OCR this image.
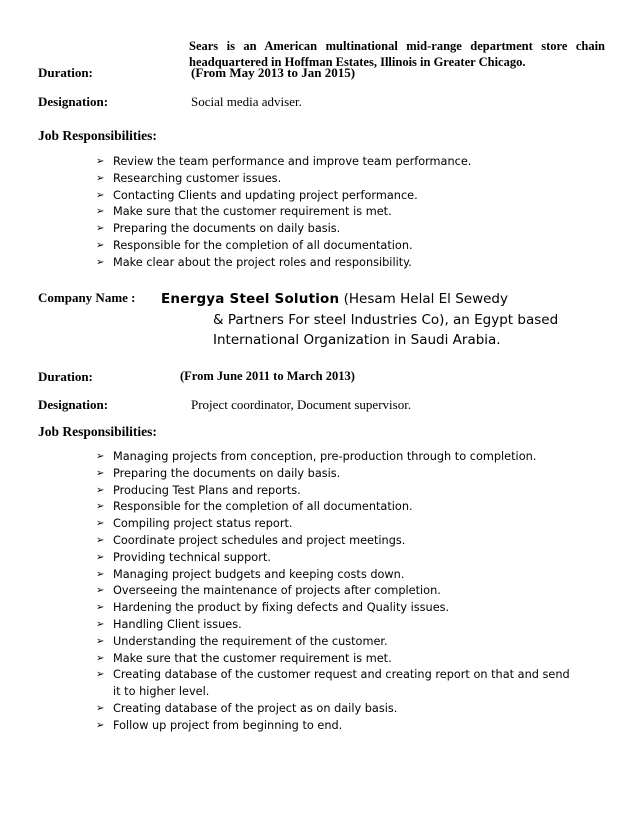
Sears is an American multinational mid-range department store chain
headquartered in Hoffman Estates, Illinois in Greater Chicago.
Duration:	(From May 2013 to Jan 2015)
Designation:	Social media adviser.
Job Responsibilities:
➢ Review the team performance and improve team performance.
➢ Researching customer issues.
➢ Contacting Clients and updating project performance.
➢ Make sure that the customer requirement is met.
➢ Preparing the documents on daily basis.
➢ Responsible for the completion of all documentation.
➢ Make clear about the project roles and responsibility.
Company Name : Energya Steel Solution (Hesam Helal El Sewedy
& Partners For steel Industries Co), an Egypt based
International Organization in Saudi Arabia.
Duration:	(From June 2011 to March 2013)
Designation:	Project coordinator, Document supervisor.
Job Responsibilities:
➢ Managing projects from conception, pre-production through to completion.
➢ Preparing the documents on daily basis.
➢ Producing Test Plans and reports.
➢ Responsible for the completion of all documentation.
➢ Compiling project status report.
➢ Coordinate project schedules and project meetings.
➢ Providing technical support.
➢ Managing project budgets and keeping costs down.
➢ Overseeing the maintenance of projects after completion.
➢ Hardening the product by fixing defects and Quality issues.
➢ Handling Client issues.
➢ Understanding the requirement of the customer.
➢ Make sure that the customer requirement is met.
➢ Creating database of the customer request and creating report on that and send it to higher level.
➢ Creating database of the project as on daily basis.
➢ Follow up project from beginning to end.
